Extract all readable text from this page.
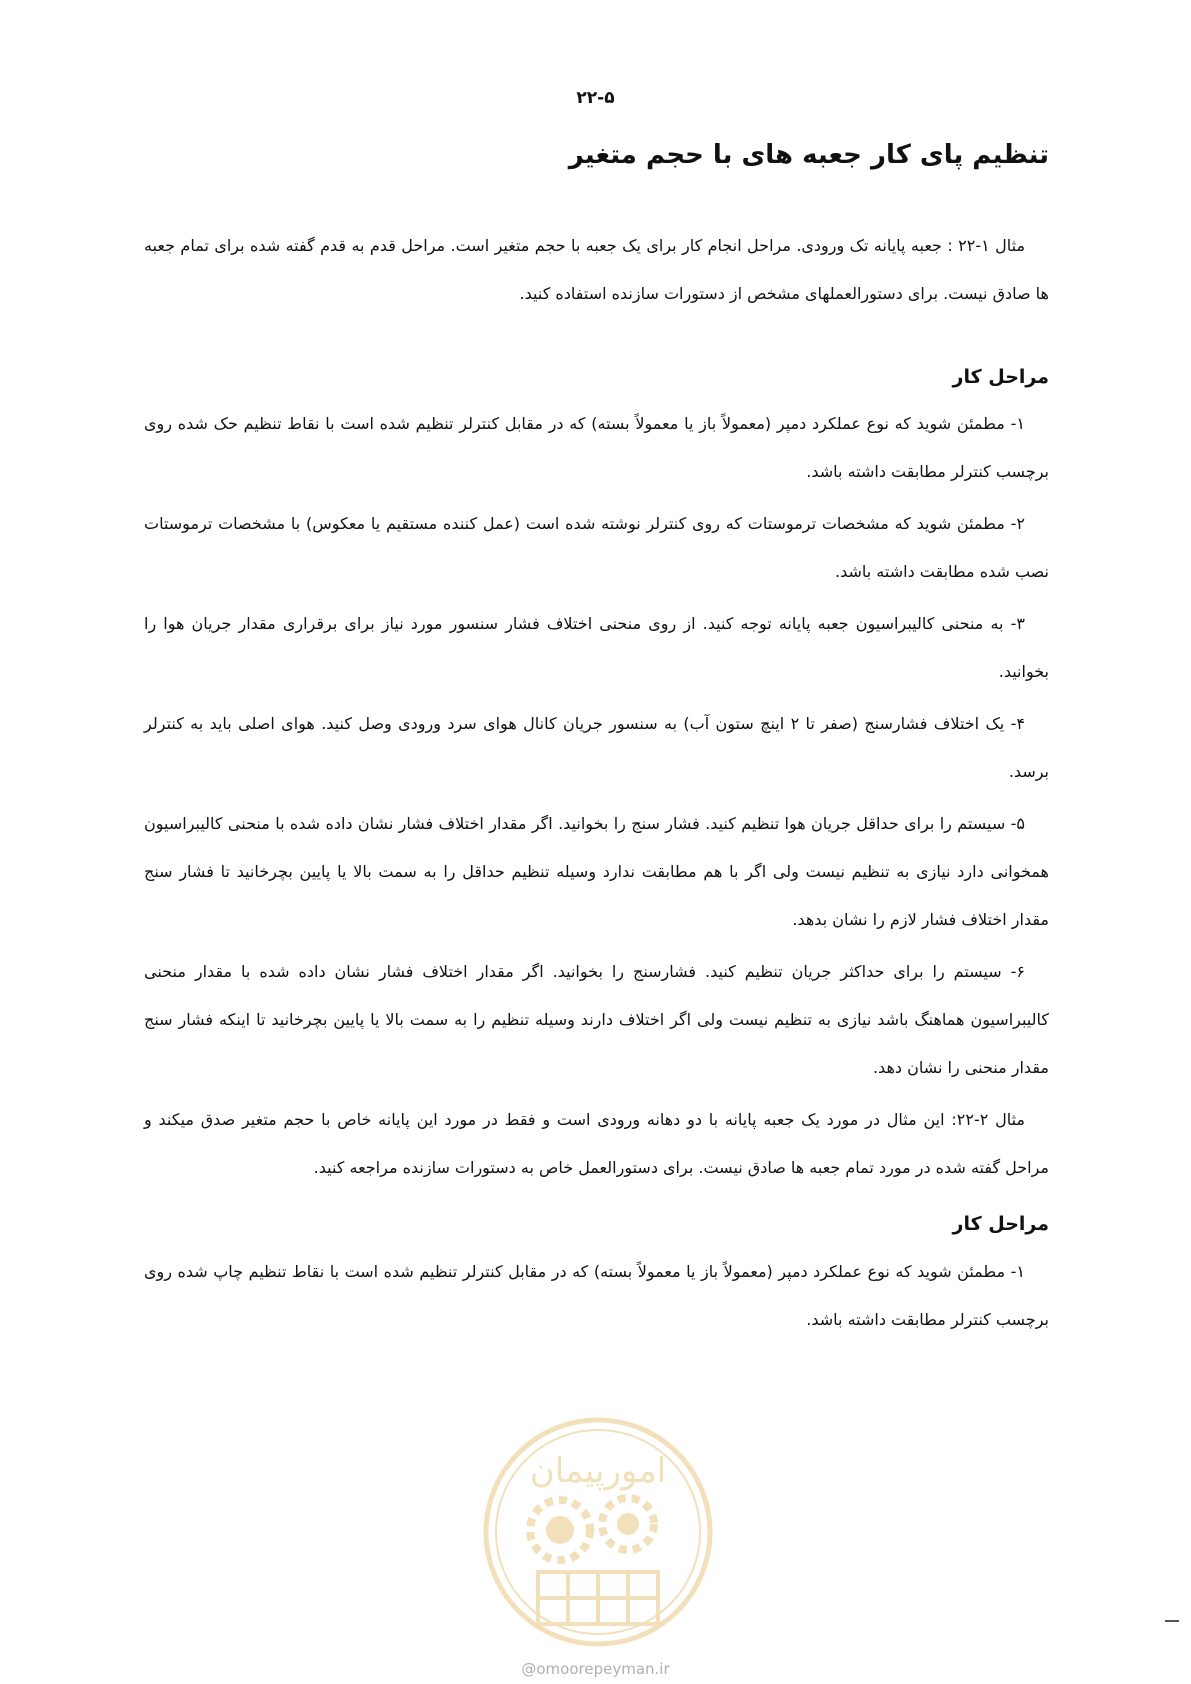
۲۲-۵
تنظیم پای کار جعبه های با حجم متغیر

مثال ۱-۲۲ : جعبه پایانه تک ورودی. مراحل انجام کار برای یک جعبه با حجم متغیر است. مراحل قدم به قدم گفته شده برای تمام جعبه ها صادق نیست. برای دستورالعملهای مشخص از دستورات سازنده استفاده کنید.

مراحل کار

۱- مطمئن شوید که نوع عملکرد دمپر (معمولاً باز یا معمولاً بسته) که در مقابل کنترلر تنظیم شده است با نقاط تنظیم حک شده روی برچسب کنترلر مطابقت داشته باشد.

۲- مطمئن شوید که مشخصات ترموستات که روی کنترلر نوشته شده است (عمل کننده مستقیم یا معکوس) با مشخصات ترموستات نصب شده مطابقت داشته باشد.

۳- به منحنی کالیبراسیون جعبه پایانه توجه کنید. از روی منحنی اختلاف فشار سنسور مورد نیاز برای برقراری مقدار جریان هوا را بخوانید.

۴- یک اختلاف فشارسنج (صفر تا ۲ اینچ ستون آب) به سنسور جریان کانال هوای سرد ورودی وصل کنید. هوای اصلی باید به کنترلر برسد.

۵- سیستم را برای حداقل جریان هوا تنظیم کنید. فشار سنج را بخوانید. اگر مقدار اختلاف فشار نشان داده شده با منحنی کالیبراسیون همخوانی دارد نیازی به تنظیم نیست ولی اگر با هم مطابقت ندارد وسیله تنظیم حداقل را به سمت بالا یا پایین بچرخانید تا فشار سنج مقدار اختلاف فشار لازم را نشان بدهد.

۶- سیستم را برای حداکثر جریان تنظیم کنید. فشارسنج را بخوانید. اگر مقدار اختلاف فشار نشان داده شده با مقدار منحنی کالیبراسیون هماهنگ باشد نیازی به تنظیم نیست ولی اگر اختلاف دارند وسیله تنظیم را به سمت بالا یا پایین بچرخانید تا اینکه فشار سنج مقدار منحنی را نشان دهد.

مثال ۲-۲۲: این مثال در مورد یک جعبه پایانه با دو دهانه ورودی است و فقط در مورد این پایانه خاص با حجم متغیر صدق میکند و مراحل گفته شده در مورد تمام جعبه ها صادق نیست. برای دستورالعمل خاص به دستورات سازنده مراجعه کنید.

مراحل کار

۱- مطمئن شوید که نوع عملکرد دمپر (معمولاً باز یا معمولاً بسته) که در مقابل کنترلر تنظیم شده است با نقاط تنظیم چاپ شده روی برچسب کنترلر مطابقت داشته باشد.

امورپیمان
@omoorepeyman.ir
